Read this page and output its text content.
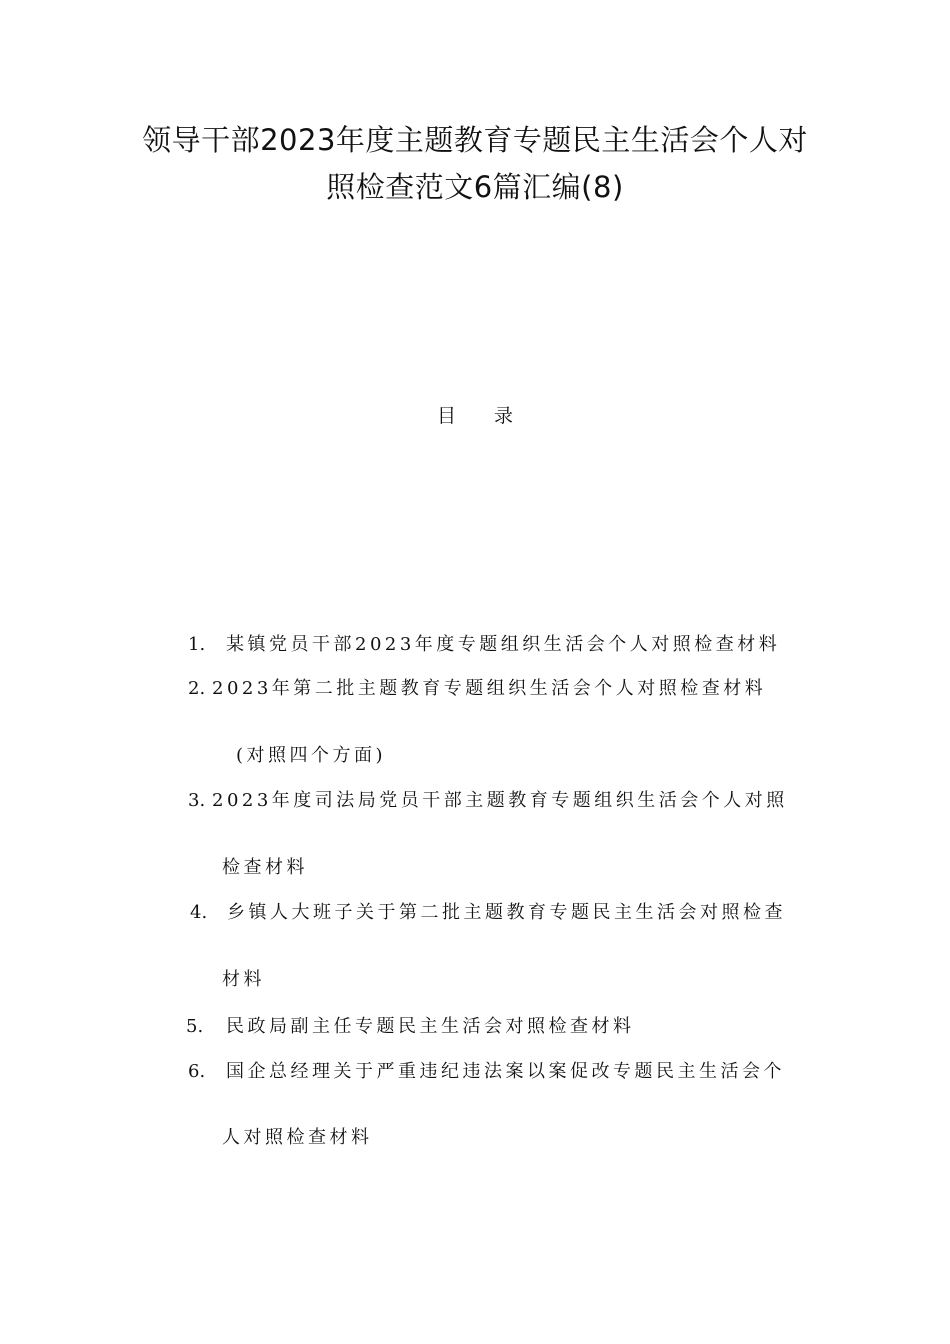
领导干部2023年度主题教育专题民主生活会个人对
照检查范文6篇汇编(8)
目录
1. 某镇党员干部2023年度专题组织生活会个人对照检查材料
2. 2023年第二批主题教育专题组织生活会个人对照检查材料
(对照四个方面)
3. 2023年度司法局党员干部主题教育专题组织生活会个人对照
检查材料
4. 乡镇人大班子关于第二批主题教育专题民主生活会对照检查
材料
5. 民政局副主任专题民主生活会对照检查材料
6. 国企总经理关于严重违纪违法案以案促改专题民主生活会个
人对照检查材料
